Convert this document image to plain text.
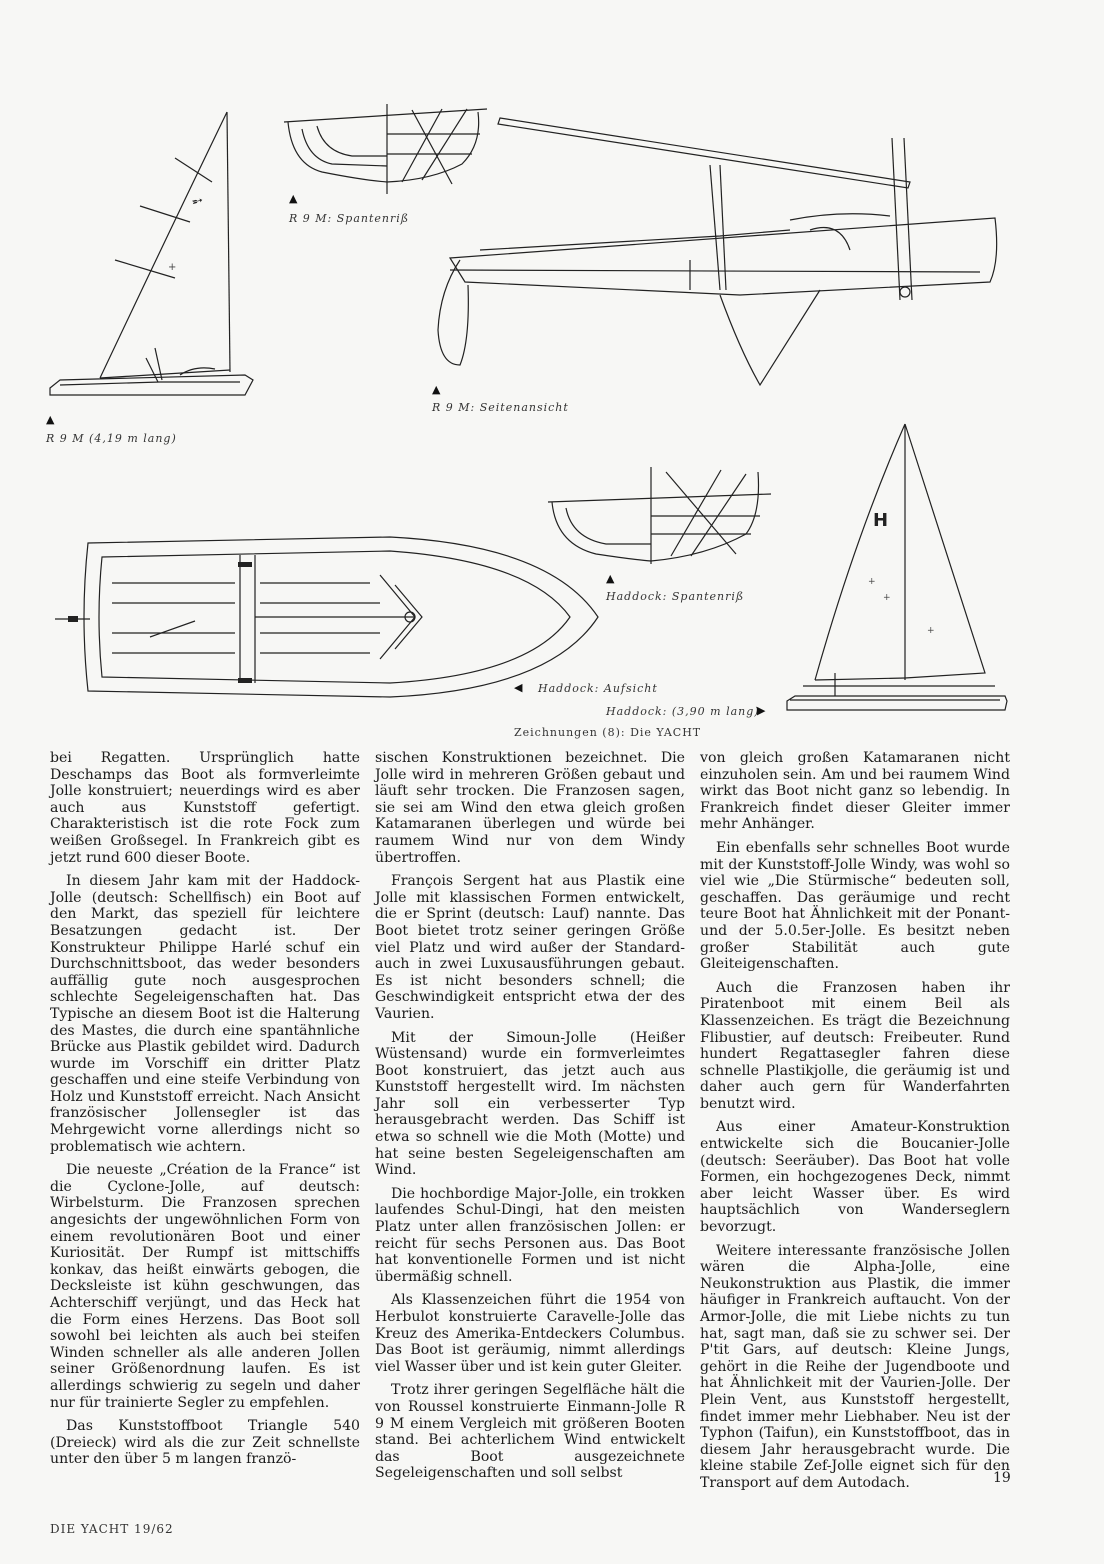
➶
+
▲
R 9 M: Spantenriß
▲
R 9 M: Seitenansicht
▲
R 9 M (4,19 m lang)
▲
Haddock: Spantenriß
◀ Haddock: Aufsicht
H
+
+
+
Haddock: (3,90 m lang)
▶
Zeichnungen (8): Die YACHT

bei Regatten. Ursprünglich hatte Deschamps das Boot als formverleimte Jolle konstruiert; neuerdings wird es aber auch aus Kunststoff gefertigt. Charakteristisch ist die rote Fock zum weißen Großsegel. In Frankreich gibt es jetzt rund 600 dieser Boote.

In diesem Jahr kam mit der Haddock-Jolle (deutsch: Schellfisch) ein Boot auf den Markt, das speziell für leichtere Besatzungen gedacht ist. Der Konstrukteur Philippe Harlé schuf ein Durchschnittsboot, das weder besonders auffällig gute noch ausgesprochen schlechte Segeleigenschaften hat. Das Typische an diesem Boot ist die Halterung des Mastes, die durch eine spantähnliche Brücke aus Plastik gebildet wird. Dadurch wurde im Vorschiff ein dritter Platz geschaffen und eine steife Verbindung von Holz und Kunststoff erreicht. Nach Ansicht französischer Jollensegler ist das Mehrgewicht vorne allerdings nicht so problematisch wie achtern.

Die neueste „Création de la France“ ist die Cyclone-Jolle, auf deutsch: Wirbelsturm. Die Franzosen sprechen angesichts der ungewöhnlichen Form von einem revolutionären Boot und einer Kuriosität. Der Rumpf ist mittschiffs konkav, das heißt einwärts gebogen, die Decksleiste ist kühn geschwungen, das Achterschiff verjüngt, und das Heck hat die Form eines Herzens. Das Boot soll sowohl bei leichten als auch bei steifen Winden schneller als alle anderen Jollen seiner Größenordnung laufen. Es ist allerdings schwierig zu segeln und daher nur für trainierte Segler zu empfehlen.

Das Kunststoffboot Triangle 540 (Dreieck) wird als die zur Zeit schnellste unter den über 5 m langen franzö-

sischen Konstruktionen bezeichnet. Die Jolle wird in mehreren Größen gebaut und läuft sehr trocken. Die Franzosen sagen, sie sei am Wind den etwa gleich großen Katamaranen überlegen und würde bei raumem Wind nur von dem Windy übertroffen.

François Sergent hat aus Plastik eine Jolle mit klassischen Formen entwickelt, die er Sprint (deutsch: Lauf) nannte. Das Boot bietet trotz seiner geringen Größe viel Platz und wird außer der Standard- auch in zwei Luxusausführungen gebaut. Es ist nicht besonders schnell; die Geschwindigkeit entspricht etwa der des Vaurien.

Mit der Simoun-Jolle (Heißer Wüstensand) wurde ein formverleimtes Boot konstruiert, das jetzt auch aus Kunststoff hergestellt wird. Im nächsten Jahr soll ein verbesserter Typ herausgebracht werden. Das Schiff ist etwa so schnell wie die Moth (Motte) und hat seine besten Segeleigenschaften am Wind.

Die hochbordige Major-Jolle, ein trokken laufendes Schul-Dingi, hat den meisten Platz unter allen französischen Jollen: er reicht für sechs Personen aus. Das Boot hat konventionelle Formen und ist nicht übermäßig schnell.

Als Klassenzeichen führt die 1954 von Herbulot konstruierte Caravelle-Jolle das Kreuz des Amerika-Entdeckers Columbus. Das Boot ist geräumig, nimmt allerdings viel Wasser über und ist kein guter Gleiter.

Trotz ihrer geringen Segelfläche hält die von Roussel konstruierte Einmann-Jolle R 9 M einem Vergleich mit größeren Booten stand. Bei achterlichem Wind entwickelt das Boot ausgezeichnete Segeleigenschaften und soll selbst

von gleich großen Katamaranen nicht einzuholen sein. Am und bei raumem Wind wirkt das Boot nicht ganz so lebendig. In Frankreich findet dieser Gleiter immer mehr Anhänger.

Ein ebenfalls sehr schnelles Boot wurde mit der Kunststoff-Jolle Windy, was wohl so viel wie „Die Stürmische“ bedeuten soll, geschaffen. Das geräumige und recht teure Boot hat Ähnlichkeit mit der Ponant- und der 5.0.5er-Jolle. Es besitzt neben großer Stabilität auch gute Gleiteigenschaften.

Auch die Franzosen haben ihr Piratenboot mit einem Beil als Klassenzeichen. Es trägt die Bezeichnung Flibustier, auf deutsch: Freibeuter. Rund hundert Regattasegler fahren diese schnelle Plastikjolle, die geräumig ist und daher auch gern für Wanderfahrten benutzt wird.

Aus einer Amateur-Konstruktion entwickelte sich die Boucanier-Jolle (deutsch: Seeräuber). Das Boot hat volle Formen, ein hochgezogenes Deck, nimmt aber leicht Wasser über. Es wird hauptsächlich von Wanderseglern bevorzugt.

Weitere interessante französische Jollen wären die Alpha-Jolle, eine Neukonstruktion aus Plastik, die immer häufiger in Frankreich auftaucht. Von der Armor-Jolle, die mit Liebe nichts zu tun hat, sagt man, daß sie zu schwer sei. Der P'tit Gars, auf deutsch: Kleine Jungs, gehört in die Reihe der Jugendboote und hat Ähnlichkeit mit der Vaurien-Jolle. Der Plein Vent, aus Kunststoff hergestellt, findet immer mehr Liebhaber. Neu ist der Typhon (Taifun), ein Kunststoffboot, das in diesem Jahr herausgebracht wurde. Die kleine stabile Zef-Jolle eignet sich für den Transport auf dem Autodach.	19
DIE YACHT 19/62
